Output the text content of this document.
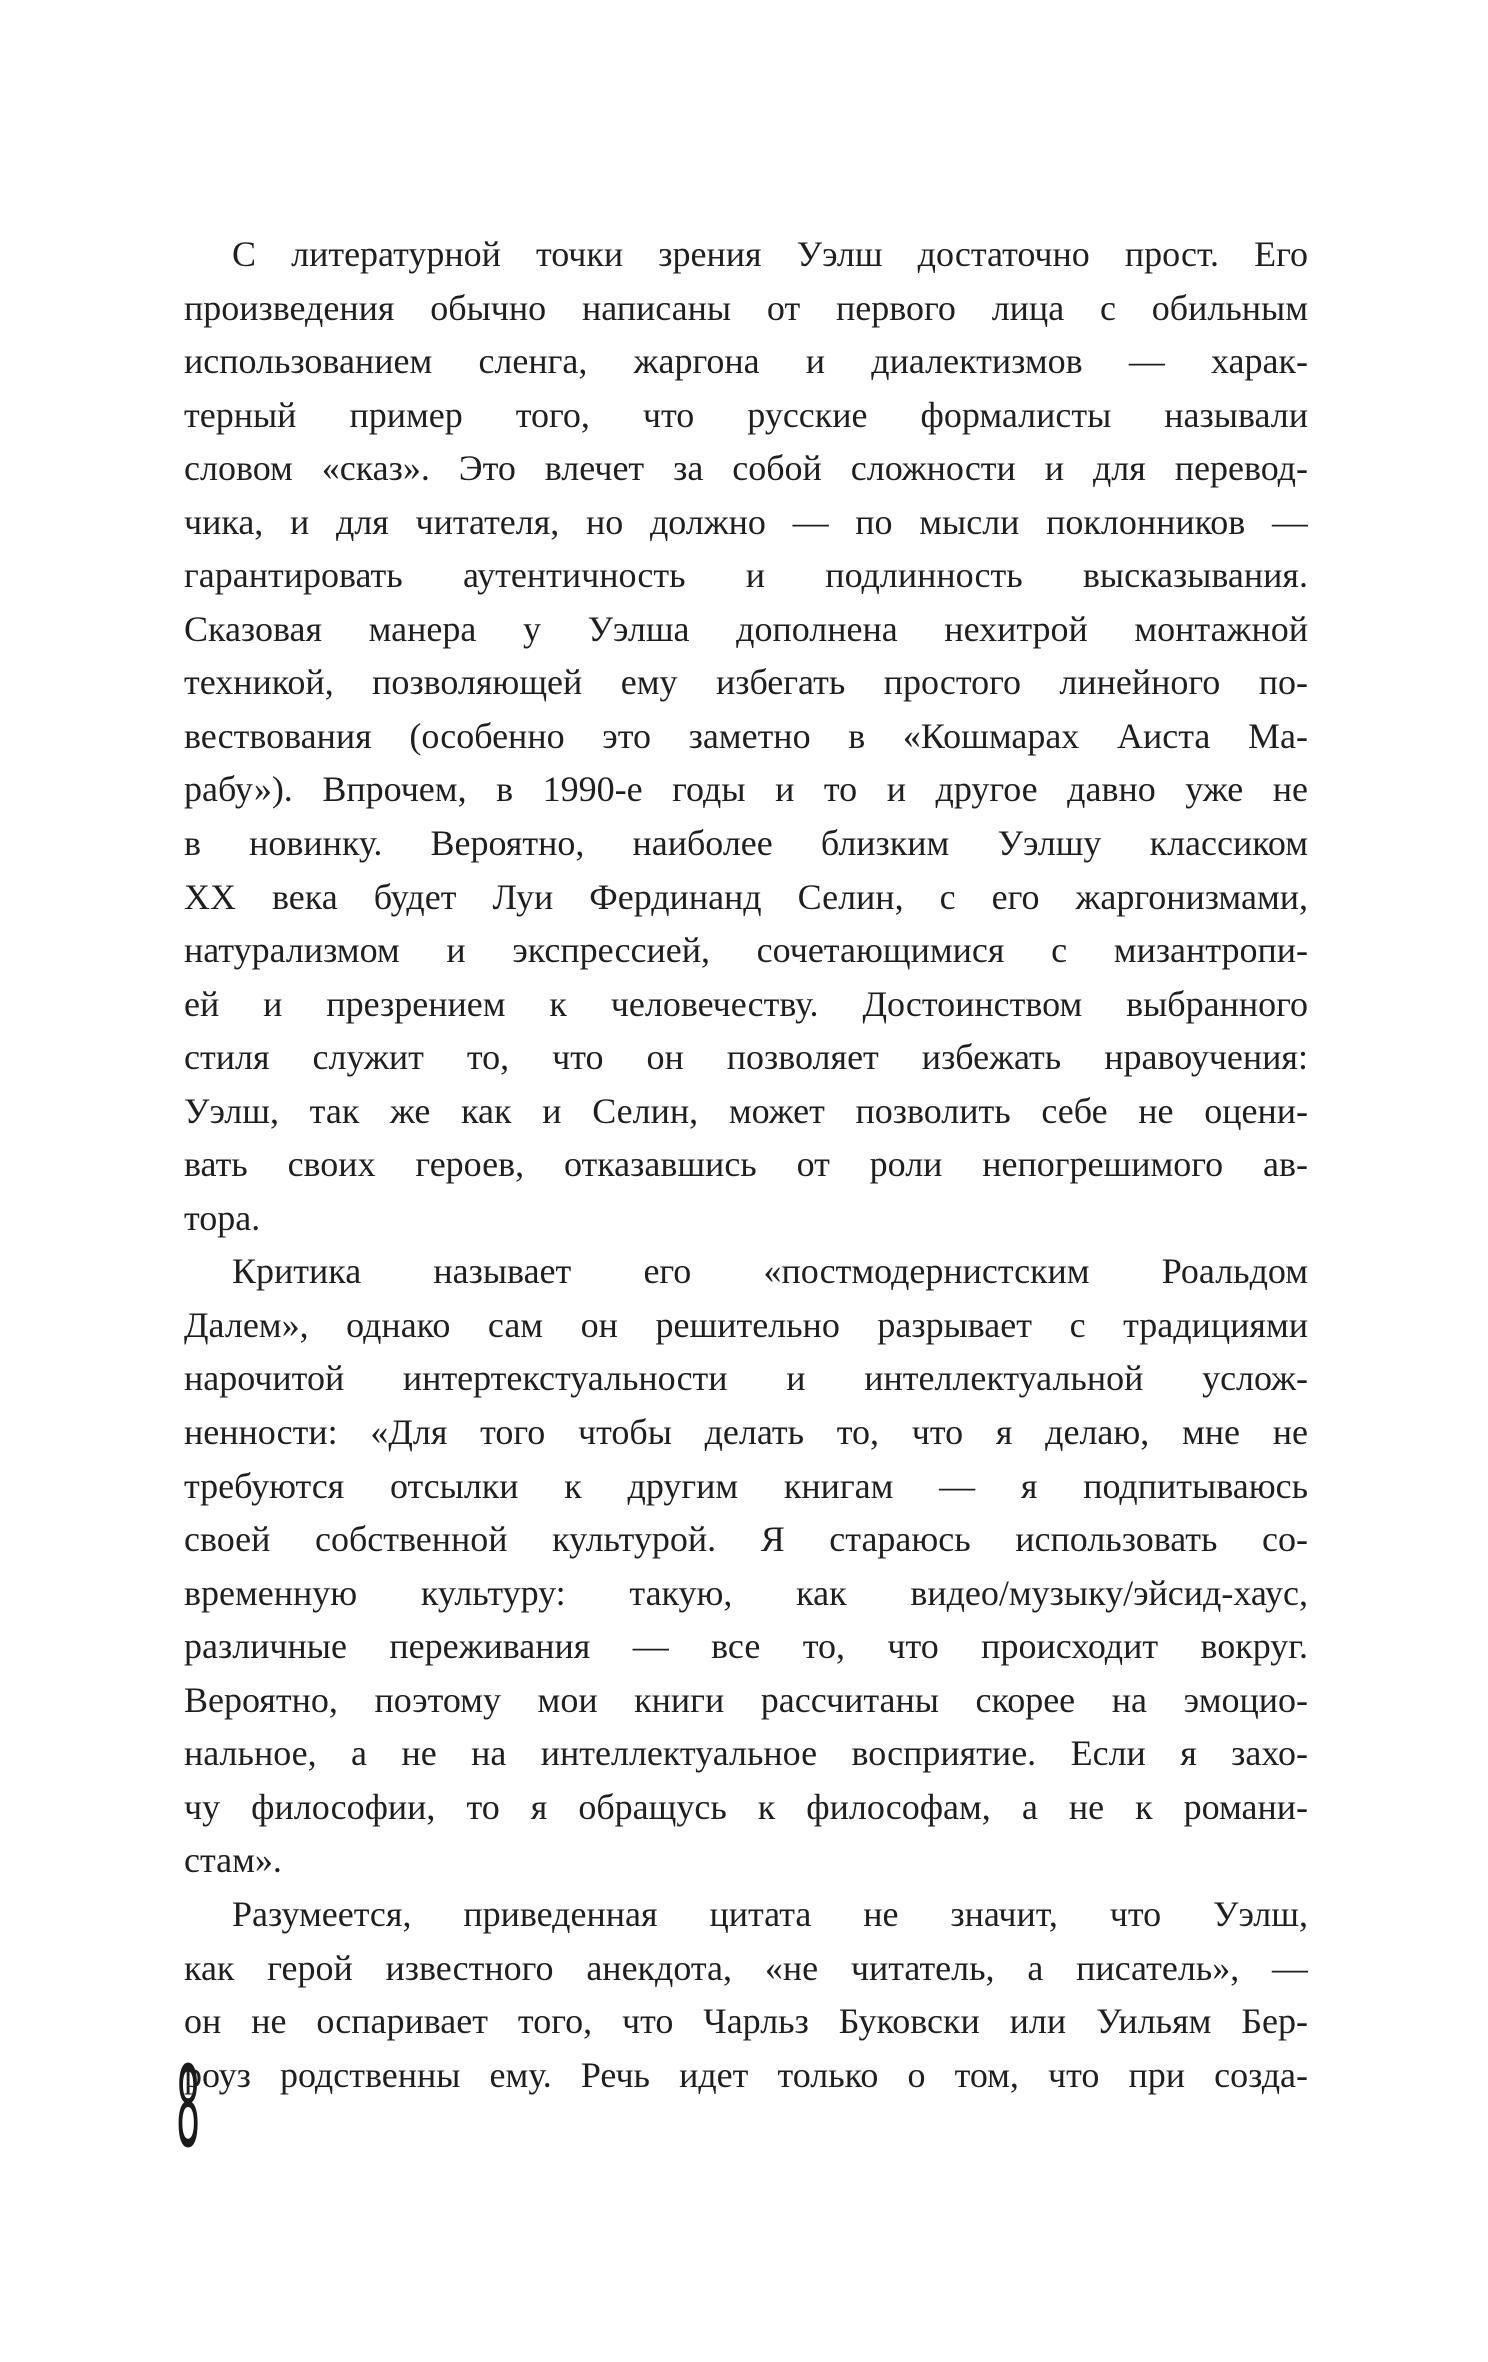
С литературной точки зрения Уэлш достаточно прост. Его
произведения обычно написаны от первого лица с обильным
использованием сленга, жаргона и диалектизмов — харак-
терный пример того, что русские формалисты называли
словом «сказ». Это влечет за собой сложности и для перевод-
чика, и для читателя, но должно — по мысли поклонников —
гарантировать аутентичность и подлинность высказывания.
Сказовая манера у Уэлша дополнена нехитрой монтажной
техникой, позволяющей ему избегать простого линейного по-
вествования (особенно это заметно в «Кошмарах Аиста Ма-
рабу»). Впрочем, в 1990-е годы и то и другое давно уже не
в новинку. Вероятно, наиболее близким Уэлшу классиком
XX века будет Луи Фердинанд Селин, с его жаргонизмами,
натурализмом и экспрессией, сочетающимися с мизантропи-
ей и презрением к человечеству. Достоинством выбранного
стиля служит то, что он позволяет избежать нравоучения:
Уэлш, так же как и Селин, может позволить себе не оцени-
вать своих героев, отказавшись от роли непогрешимого ав-
тора.
Критика называет его «постмодернистским Роальдом
Далем», однако сам он решительно разрывает с традициями
нарочитой интертекстуальности и интеллектуальной услож-
ненности: «Для того чтобы делать то, что я делаю, мне не
требуются отсылки к другим книгам — я подпитываюсь
своей собственной культурой. Я стараюсь использовать со-
временную культуру: такую, как видео/музыку/эйсид-хаус,
различные переживания — все то, что происходит вокруг.
Вероятно, поэтому мои книги рассчитаны скорее на эмоцио-
нальное, а не на интеллектуальное восприятие. Если я захо-
чу философии, то я обращусь к философам, а не к романи-
стам».
Разумеется, приведенная цитата не значит, что Уэлш,
как герой известного анекдота, «не читатель, а писатель», —
он не оспаривает того, что Чарльз Буковски или Уильям Бер-
роуз родственны ему. Речь идет только о том, что при созда-
8
